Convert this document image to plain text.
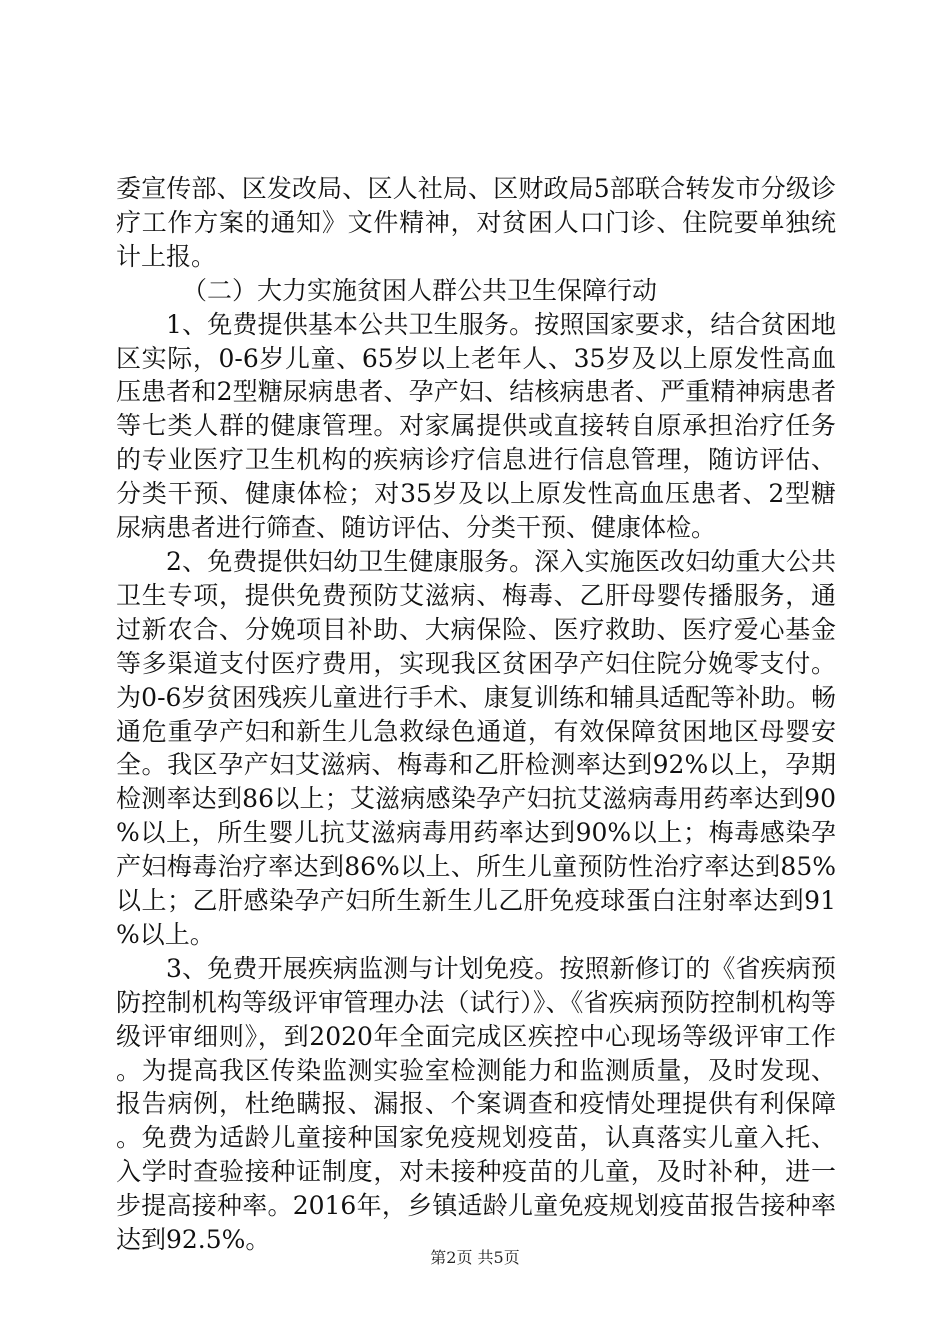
委宣传部、区发改局、区人社局、区财政局5部联合转发市分级诊疗工作方案的通知》文件精神，对贫困人口门诊、住院要单独统计上报。

（二）大力实施贫困人群公共卫生保障行动

1、免费提供基本公共卫生服务。按照国家要求，结合贫困地区实际，0-6岁儿童、65岁以上老年人、35岁及以上原发性高血压患者和2型糖尿病患者、孕产妇、结核病患者、严重精神病患者等七类人群的健康管理。对家属提供或直接转自原承担治疗任务的专业医疗卫生机构的疾病诊疗信息进行信息管理，随访评估、分类干预、健康体检；对35岁及以上原发性高血压患者、2型糖尿病患者进行筛查、随访评估、分类干预、健康体检。

2、免费提供妇幼卫生健康服务。深入实施医改妇幼重大公共卫生专项，提供免费预防艾滋病、梅毒、乙肝母婴传播服务，通过新农合、分娩项目补助、大病保险、医疗救助、医疗爱心基金等多渠道支付医疗费用，实现我区贫困孕产妇住院分娩零支付。为0-6岁贫困残疾儿童进行手术、康复训练和辅具适配等补助。畅通危重孕产妇和新生儿急救绿色通道，有效保障贫困地区母婴安全。我区孕产妇艾滋病、梅毒和乙肝检测率达到92%以上，孕期检测率达到86以上；艾滋病感染孕产妇抗艾滋病毒用药率达到90%以上，所生婴儿抗艾滋病毒用药率达到90%以上；梅毒感染孕产妇梅毒治疗率达到86%以上、所生儿童预防性治疗率达到85%以上；乙肝感染孕产妇所生新生儿乙肝免疫球蛋白注射率达到91%以上。

3、免费开展疾病监测与计划免疫。按照新修订的《省疾病预防控制机构等级评审管理办法（试行）》、《省疾病预防控制机构等级评审细则》，到2020年全面完成区疾控中心现场等级评审工作。为提高我区传染监测实验室检测能力和监测质量，及时发现、报告病例，杜绝瞒报、漏报、个案调查和疫情处理提供有利保障。免费为适龄儿童接种国家免疫规划疫苗，认真落实儿童入托、入学时查验接种证制度，对未接种疫苗的儿童，及时补种，进一步提高接种率。2016年，乡镇适龄儿童免疫规划疫苗报告接种率达到92.5%。

第2页 共5页
